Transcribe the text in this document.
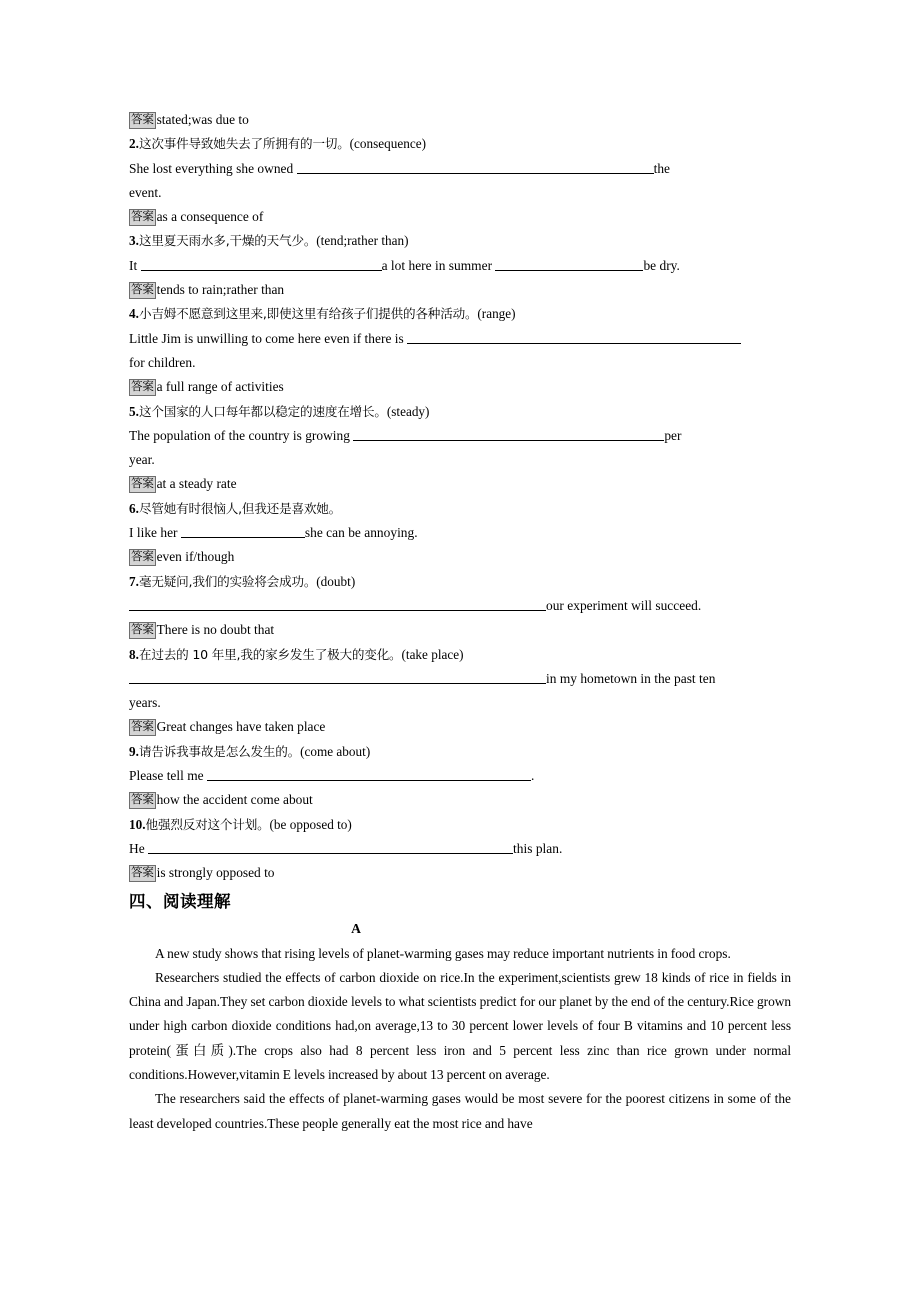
答案 stated;was due to
2.这次事件导致她失去了所拥有的一切。(consequence)
She lost everything she owned	the
event.
答案 as a consequence of
3.这里夏天雨水多,干燥的天气少。(tend;rather than)
It	a lot here in summer	be dry.
答案 tends to rain;rather than
4.小吉姆不愿意到这里来,即使这里有给孩子们提供的各种活动。(range)
Little Jim is unwilling to come here even if there is
for children.
答案 a full range of activities
5.这个国家的人口每年都以稳定的速度在增长。(steady)
The population of the country is growing	per
year.
答案 at a steady rate
6.尽管她有时很恼人,但我还是喜欢她。
I like her	she can be annoying.
答案 even if/though
7.毫无疑问,我们的实验将会成功。(doubt)
our experiment will succeed.
答案 There is no doubt that
8.在过去的 10 年里,我的家乡发生了极大的变化。(take place)
in my hometown in the past ten
years.
答案 Great changes have taken place
9.请告诉我事故是怎么发生的。(come about)
Please tell me	.
答案 how the accident come about
10.他强烈反对这个计划。(be opposed to)
He	this plan.
答案 is strongly opposed to
四、阅读理解
A
A new study shows that rising levels of planet-warming gases may reduce important nutrients in food crops.
Researchers studied the effects of carbon dioxide on rice.In the experiment,scientists grew 18 kinds of rice in fields in China and Japan.They set carbon dioxide levels to what scientists predict for our planet by the end of the century.Rice grown under high carbon dioxide conditions had,on average,13 to 30 percent lower levels of four B vitamins and 10 percent less protein(蛋白质).The crops also had 8 percent less iron and 5 percent less zinc than rice grown under normal conditions.However,vitamin E levels increased by about 13 percent on average.
The researchers said the effects of planet-warming gases would be most severe for the poorest citizens in some of the least developed countries.These people generally eat the most rice and have
